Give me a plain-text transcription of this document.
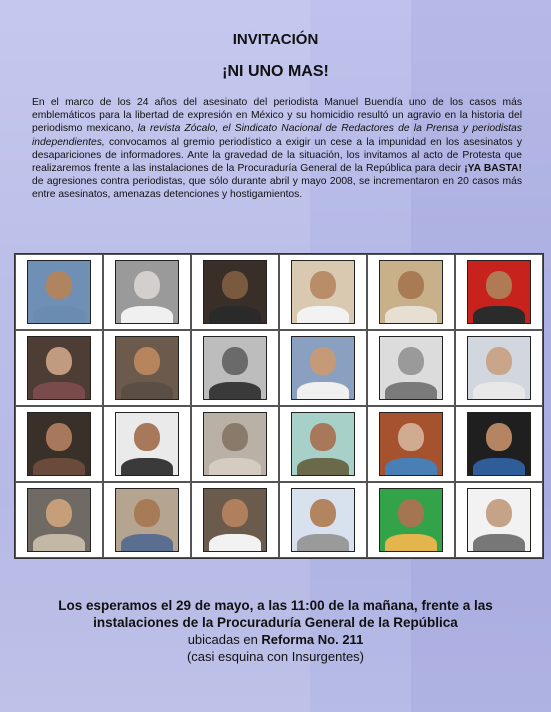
INVITACIÓN
¡NI UNO MAS!
En el marco de los 24 años del asesinato del periodista Manuel Buendía uno de los casos más emblemáticos para la libertad de expresión en México y su homicidio resultó un agravio en la historia del periodismo mexicano, la revista Zócalo, el Sindicato Nacional de Redactores de la Prensa y periodistas independientes, convocamos al gremio periodístico a exigir un cese a la impunidad en los asesinatos y desapariciones de informadores. Ante la gravedad de la situación, los invitamos al acto de Protesta que realizaremos frente a las instalaciones de la Procuraduría General de la República para decir ¡YA BASTA! de agresiones contra periodistas, que sólo durante abril y mayo 2008, se incrementaron en 20 casos más entre asesinatos, amenazas detenciones y hostigamientos.
Los esperamos el 29 de mayo, a las 11:00 de la mañana, frente a las
instalaciones de la Procuraduría General de la República
ubicadas en Reforma No. 211
(casi esquina con Insurgentes)
